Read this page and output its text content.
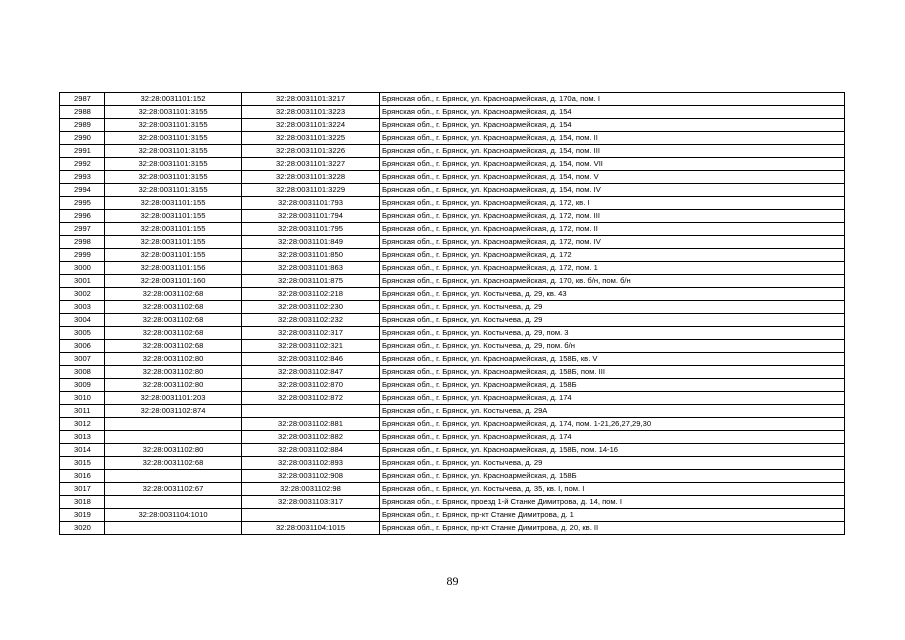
2987	32:28:0031101:152	32:28:0031101:3217	Брянская обл., г. Брянск, ул. Красноармейская, д. 170а, пом. I
2988	32:28:0031101:3155	32:28:0031101:3223	Брянская обл., г. Брянск, ул. Красноармейская, д. 154
2989	32:28:0031101:3155	32:28:0031101:3224	Брянская обл., г. Брянск, ул. Красноармейская, д. 154
2990	32:28:0031101:3155	32:28:0031101:3225	Брянская обл., г. Брянск, ул. Красноармейская, д. 154, пом. II
2991	32:28:0031101:3155	32:28:0031101:3226	Брянская обл., г. Брянск, ул. Красноармейская, д. 154, пом. III
2992	32:28:0031101:3155	32:28:0031101:3227	Брянская обл., г. Брянск, ул. Красноармейская, д. 154, пом. VII
2993	32:28:0031101:3155	32:28:0031101:3228	Брянская обл., г. Брянск, ул. Красноармейская, д. 154, пом. V
2994	32:28:0031101:3155	32:28:0031101:3229	Брянская обл., г. Брянск, ул. Красноармейская, д. 154, пом. IV
2995	32:28:0031101:155	32:28:0031101:793	Брянская обл., г. Брянск, ул. Красноармейская, д. 172, кв. I
2996	32:28:0031101:155	32:28:0031101:794	Брянская обл., г. Брянск, ул. Красноармейская, д. 172, пом. III
2997	32:28:0031101:155	32:28:0031101:795	Брянская обл., г. Брянск, ул. Красноармейская, д. 172, пом. II
2998	32:28:0031101:155	32:28:0031101:849	Брянская обл., г. Брянск, ул. Красноармейская, д. 172, пом. IV
2999	32:28:0031101:155	32:28:0031101:850	Брянская обл., г. Брянск, ул. Красноармейская, д. 172
3000	32:28:0031101:156	32:28:0031101:863	Брянская обл., г. Брянск, ул. Красноармейская, д. 172, пом. 1
3001	32:28:0031101:160	32:28:0031101:875	Брянская обл., г. Брянск, ул. Красноармейская, д. 170, кв. б/н, пом. б/н
3002	32:28:0031102:68	32:28:0031102:218	Брянская обл., г. Брянск, ул. Костычева, д. 29, кв. 43
3003	32:28:0031102:68	32:28:0031102:230	Брянская обл., г. Брянск, ул. Костычева, д. 29
3004	32:28:0031102:68	32:28:0031102:232	Брянская обл., г. Брянск, ул. Костычева, д. 29
3005	32:28:0031102:68	32:28:0031102:317	Брянская обл., г. Брянск, ул. Костычева, д. 29, пом. 3
3006	32:28:0031102:68	32:28:0031102:321	Брянская обл., г. Брянск, ул. Костычева, д. 29, пом. б/н
3007	32:28:0031102:80	32:28:0031102:846	Брянская обл., г. Брянск, ул. Красноармейская, д. 158Б, кв. V
3008	32:28:0031102:80	32:28:0031102:847	Брянская обл., г. Брянск, ул. Красноармейская, д. 158Б, пом. III
3009	32:28:0031102:80	32:28:0031102:870	Брянская обл., г. Брянск, ул. Красноармейская, д. 158Б
3010	32:28:0031101:203	32:28:0031102:872	Брянская обл., г. Брянск, ул. Красноармейская, д. 174
3011	32:28:0031102:874		Брянская обл., г. Брянск, ул. Костычева, д. 29А
3012		32:28:0031102:881	Брянская обл., г. Брянск, ул. Красноармейская, д. 174, пом. 1-21,26,27,29,30
3013		32:28:0031102:882	Брянская обл., г. Брянск, ул. Красноармейская, д. 174
3014	32:28:0031102:80	32:28:0031102:884	Брянская обл., г. Брянск, ул. Красноармейская, д. 158Б, пом. 14-16
3015	32:28:0031102:68	32:28:0031102:893	Брянская обл., г. Брянск, ул. Костычева, д. 29
3016		32:28:0031102:908	Брянская обл., г. Брянск, ул. Красноармейская, д. 158Б
3017	32:28:0031102:67	32:28:0031102:98	Брянская обл., г. Брянск, ул. Костычева, д. 35, кв. I, пом. I
3018		32:28:0031103:317	Брянская обл., г. Брянск, проезд 1-й Станке Димитрова, д. 14, пом. I
3019	32:28:0031104:1010		Брянская обл., г. Брянск, пр-кт Станке Димитрова, д. 1
3020		32:28:0031104:1015	Брянская обл., г. Брянск, пр-кт Станке Димитрова, д. 20, кв. II
89
